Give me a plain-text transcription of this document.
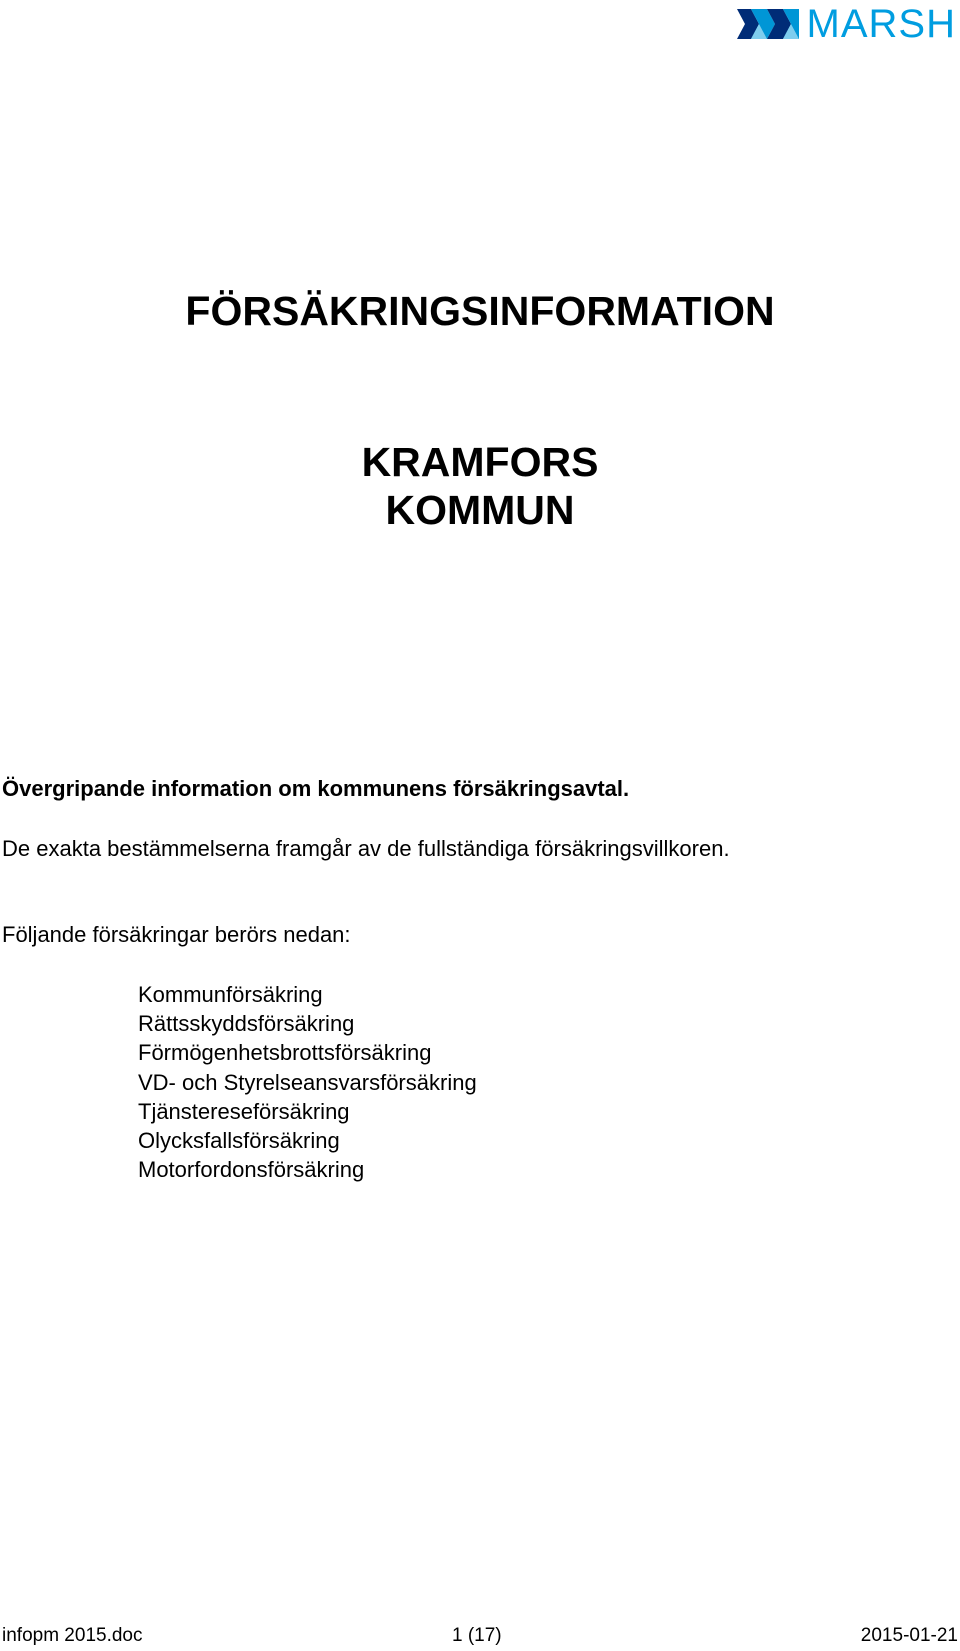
MARSH
FÖRSÄKRINGSINFORMATION
KRAMFORS
KOMMUN

Övergripande information om kommunens försäkringsavtal.

De exakta bestämmelserna framgår av de fullständiga försäkringsvillkoren.

Följande försäkringar berörs nedan:

Kommunförsäkring
Rättsskyddsförsäkring
Förmögenhetsbrottsförsäkring
VD- och Styrelseansvarsförsäkring
Tjänstereseförsäkring
Olycksfallsförsäkring
Motorfordonsförsäkring
infopm 2015.doc	1 (17)	2015-01-21
